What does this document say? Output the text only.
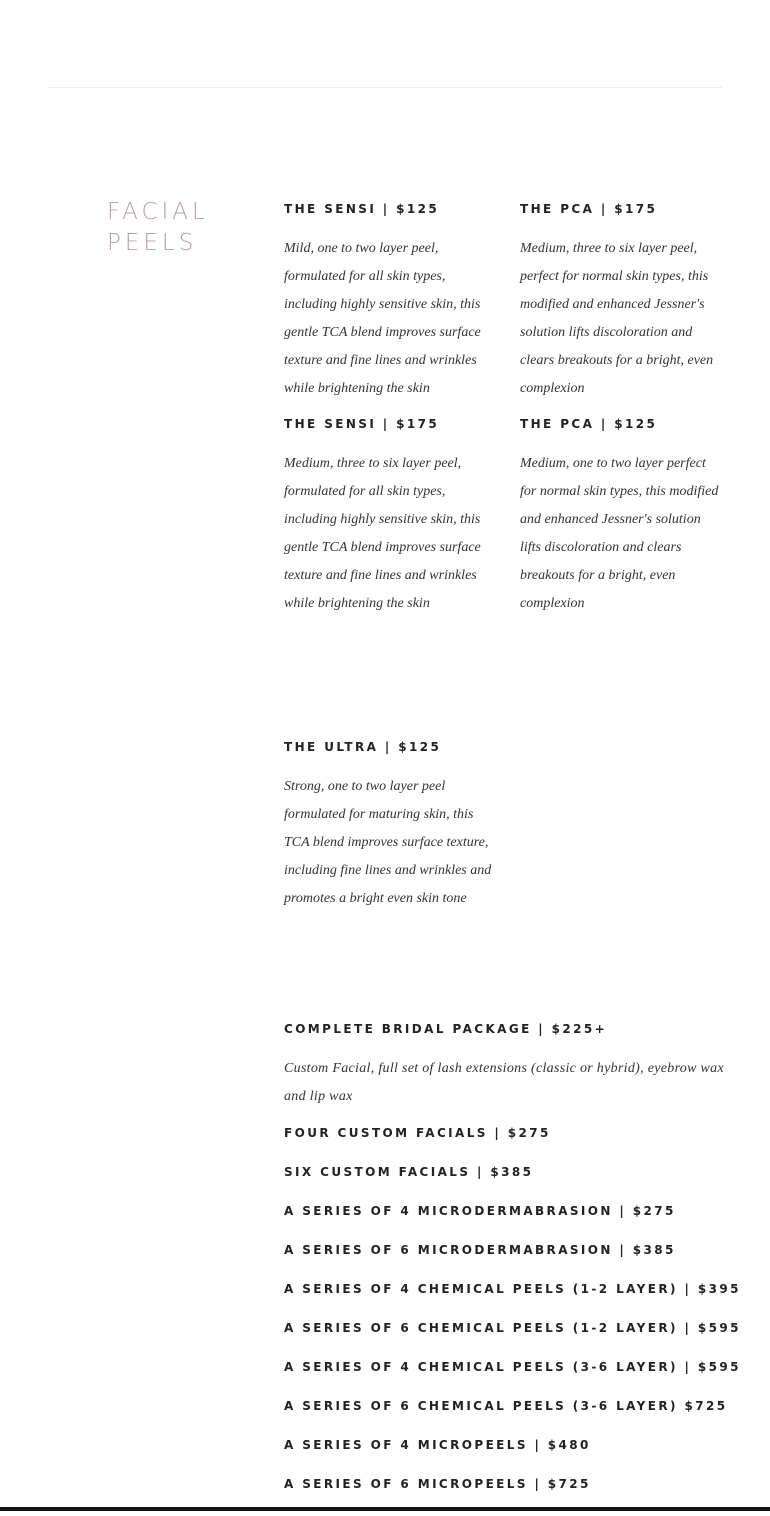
FACIAL
PEELS

THE SENSI | $125

Mild, one to two layer peel, formulated for all skin types, including highly sensitive skin, this gentle TCA blend improves surface texture and fine lines and wrinkles while brightening the skin

THE SENSI | $175

Medium, three to six layer peel, formulated for all skin types, including highly sensitive skin, this gentle TCA blend improves surface texture and fine lines and wrinkles while brightening the skin

THE PCA | $175

Medium, three to six layer peel, perfect for normal skin types, this modified and enhanced Jessner's solution lifts discoloration and clears breakouts for a bright, even complexion

THE PCA | $125

Medium, one to two layer perfect for normal skin types, this modified and enhanced Jessner's solution lifts discoloration and clears breakouts for a bright, even complexion

THE ULTRA | $125

Strong, one to two layer peel formulated for maturing skin, this TCA blend improves surface texture, including fine lines and wrinkles and promotes a bright even skin tone

COMPLETE BRIDAL PACKAGE | $225+

Custom Facial, full set of lash extensions (classic or hybrid), eyebrow wax and lip wax

FOUR CUSTOM FACIALS | $275

SIX CUSTOM FACIALS | $385

A SERIES OF 4 MICRODERMABRASION | $275

A SERIES OF 6 MICRODERMABRASION | $385

A SERIES OF 4 CHEMICAL PEELS (1-2 LAYER) | $395

A SERIES OF 6 CHEMICAL PEELS (1-2 LAYER) | $595

A SERIES OF 4 CHEMICAL PEELS (3-6 LAYER) | $595

A SERIES OF 6 CHEMICAL PEELS (3-6 LAYER) $725

A SERIES OF 4 MICROPEELS | $480

A SERIES OF 6 MICROPEELS | $725
